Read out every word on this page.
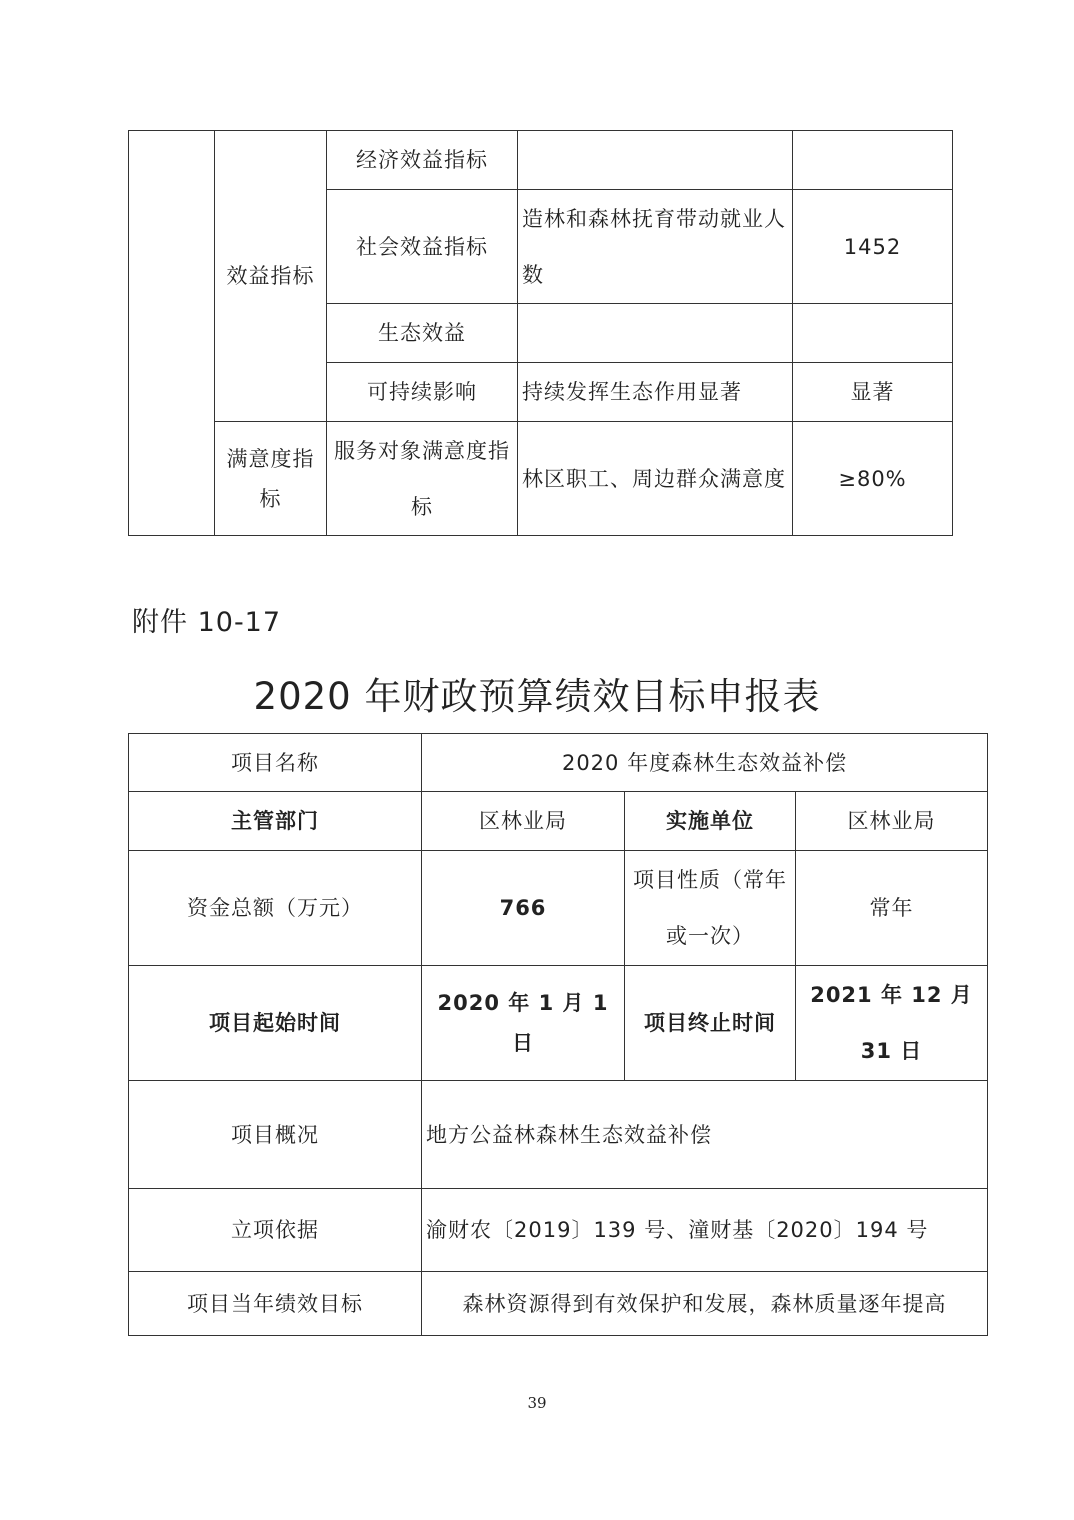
	效益指标	经济效益指标		
		社会效益指标	造林和森林抚育带动就业人数	1452
		生态效益		
		可持续影响	持续发挥生态作用显著	显著
	满意度指标	服务对象满意度指标	林区职工、周边群众满意度	≥80%
附件 10-17
2020 年财政预算绩效目标申报表
项目名称	2020 年度森林生态效益补偿		
主管部门	区林业局	实施单位	区林业局
资金总额（万元）	766	项目性质（常年或一次）	常年
项目起始时间	2020 年 1 月 1 日	项目终止时间	2021 年 12 月 31 日
项目概况	地方公益林森林生态效益补偿		
立项依据	渝财农〔2019〕139 号、潼财基〔2020〕194 号		
项目当年绩效目标	森林资源得到有效保护和发展，森林质量逐年提高		
39
